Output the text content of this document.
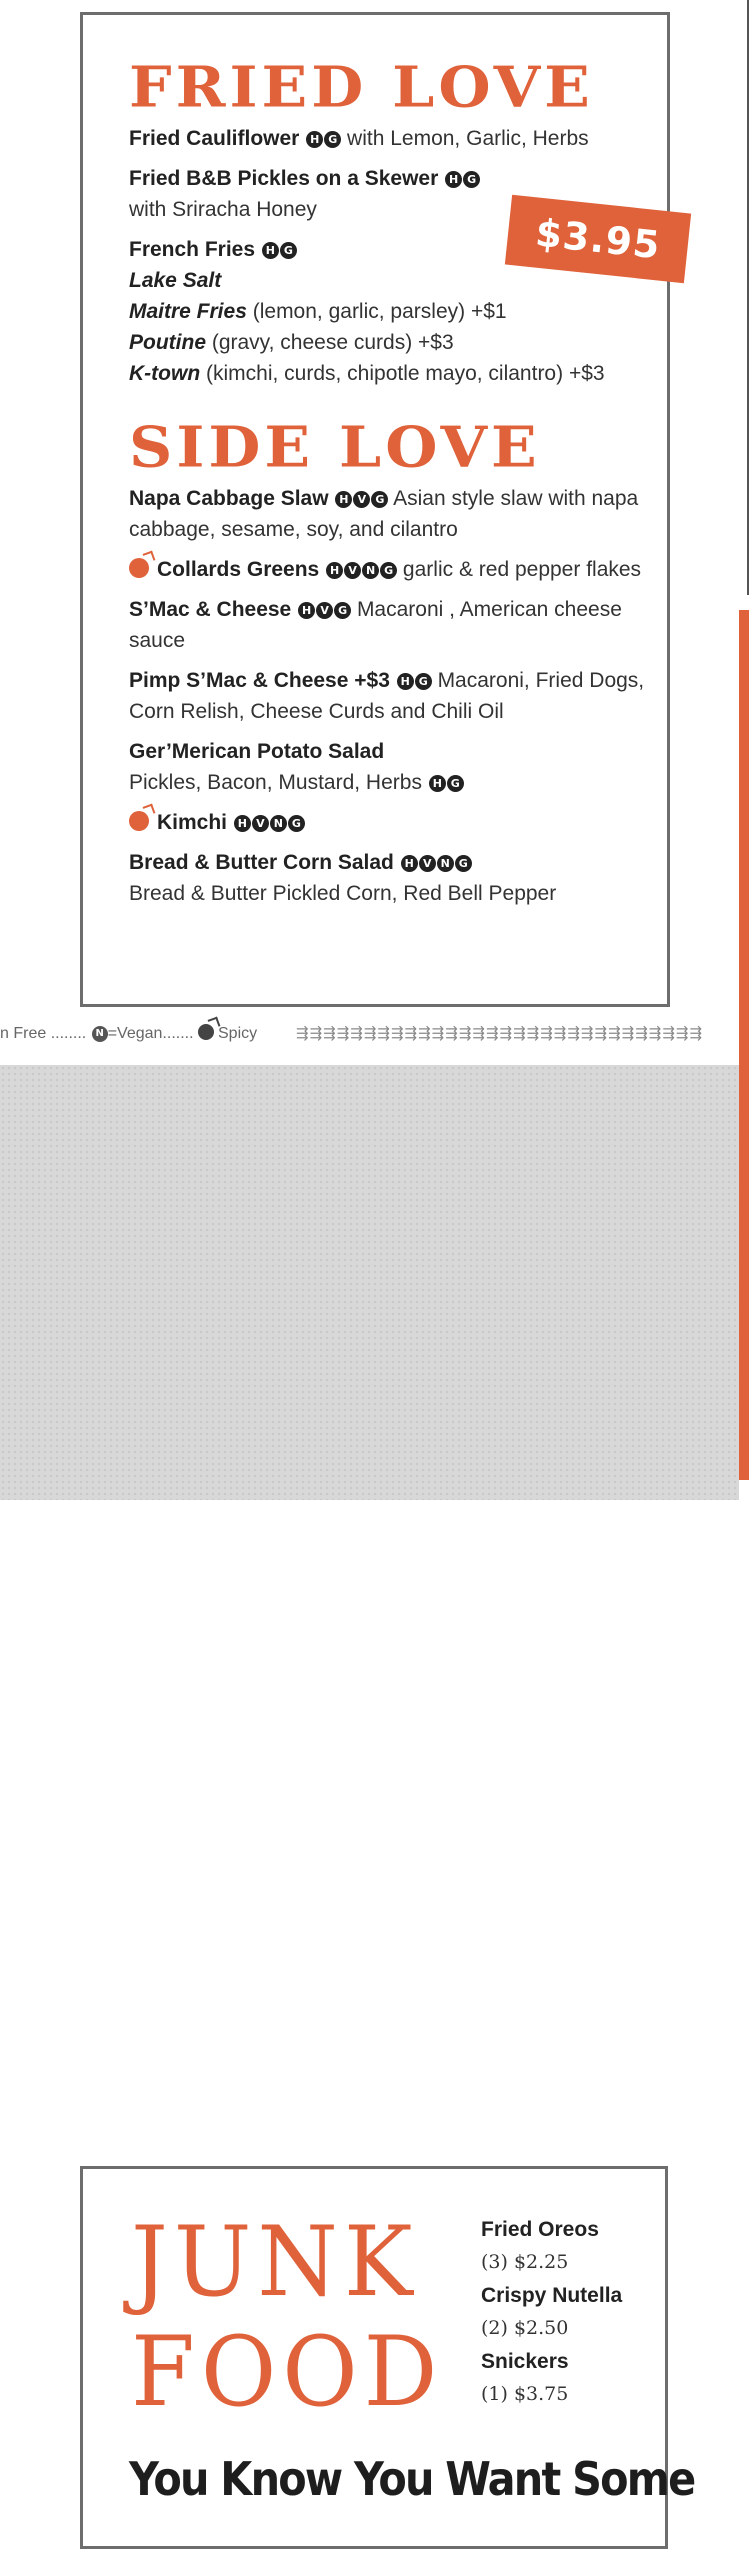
FRIED LOVE
Fried Cauliflower H G with Lemon, Garlic, Herbs
Fried B&B Pickles on a Skewer H G
with Sriracha Honey
French Fries H G
Lake Salt
Maitre Fries (lemon, garlic, parsley) +$1
Poutine (gravy, cheese curds) +$3
K-town (kimchi, curds, chipotle mayo, cilantro) +$3
SIDE LOVE
Napa Cabbage Slaw H V G Asian style slaw with napa cabbage, sesame, soy, and cilantro
Collards Greens H V N G garlic & red pepper flakes
S’Mac & Cheese H V G Macaroni , American cheese sauce
Pimp S’Mac & Cheese +$3 H G Macaroni, Fried Dogs, Corn Relish, Cheese Curds and Chili Oil
Ger’Merican Potato Salad
Pickles, Bacon, Mustard, Herbs H G
Kimchi H V N G
Bread & Butter Corn Salad H V N G
Bread & Butter Pickled Corn, Red Bell Pepper
$3.95
n Free ........ N =Vegan....... Spicy	⇶⇶⇶⇶⇶⇶⇶⇶⇶⇶⇶⇶⇶⇶⇶⇶⇶⇶⇶⇶⇶⇶⇶⇶⇶⇶⇶⇶⇶⇶
JUNK
FOOD
Fried Oreos
(3) $2.25
Crispy Nutella
(2) $2.50
Snickers
(1) $3.75
You Know You Want Some
